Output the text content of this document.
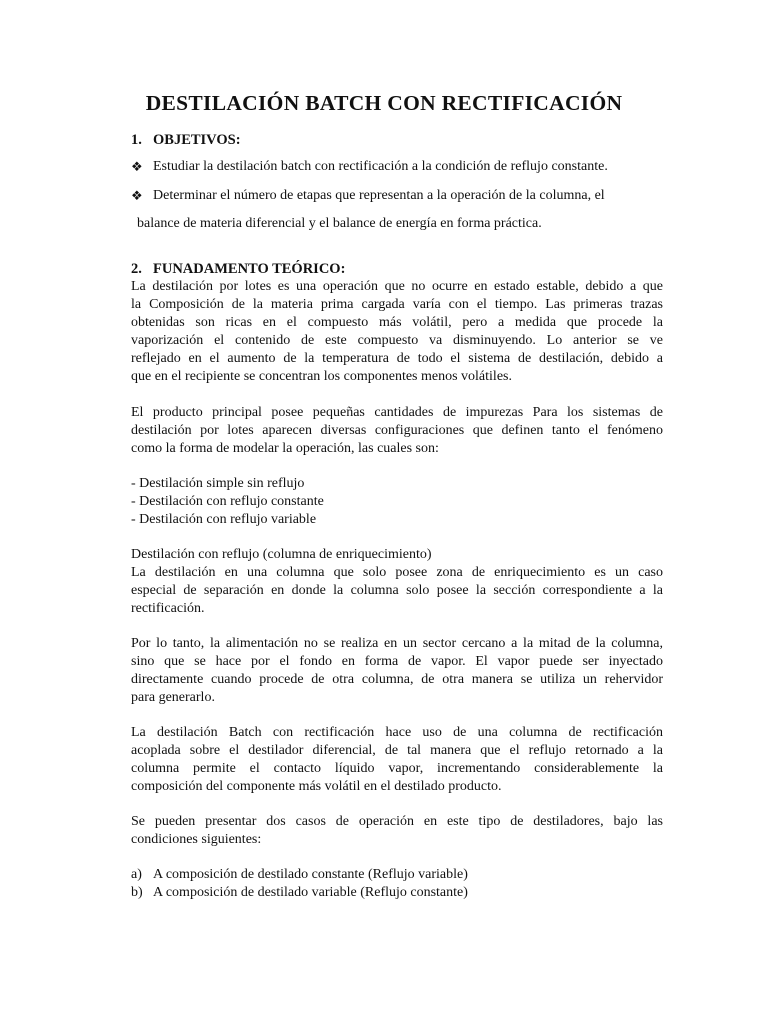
DESTILACIÓN BATCH CON RECTIFICACIÓN
1. OBJETIVOS:
❖ Estudiar la destilación batch con rectificación a la condición de reflujo constante.
❖ Determinar el número de etapas que representan a la operación de la columna, el
balance de materia diferencial y el balance de energía en forma práctica.
2. FUNADAMENTO TEÓRICO:
La destilación por lotes es una operación que no ocurre en estado estable, debido a que
la Composición de la materia prima cargada varía con el tiempo. Las primeras trazas
obtenidas son ricas en el compuesto más volátil, pero a medida que procede la
vaporización el contenido de este compuesto va disminuyendo. Lo anterior se ve
reflejado en el aumento de la temperatura de todo el sistema de destilación, debido a
que en el recipiente se concentran los componentes menos volátiles.
El producto principal posee pequeñas cantidades de impurezas Para los sistemas de
destilación por lotes aparecen diversas configuraciones que definen tanto el fenómeno
como la forma de modelar la operación, las cuales son:
- Destilación simple sin reflujo
- Destilación con reflujo constante
- Destilación con reflujo variable
Destilación con reflujo (columna de enriquecimiento)
La destilación en una columna que solo posee zona de enriquecimiento es un caso
especial de separación en donde la columna solo posee la sección correspondiente a la
rectificación.
Por lo tanto, la alimentación no se realiza en un sector cercano a la mitad de la columna,
sino que se hace por el fondo en forma de vapor. El vapor puede ser inyectado
directamente cuando procede de otra columna, de otra manera se utiliza un rehervidor
para generarlo.
La destilación Batch con rectificación hace uso de una columna de rectificación
acoplada sobre el destilador diferencial, de tal manera que el reflujo retornado a la
columna permite el contacto líquido vapor, incrementando considerablemente la
composición del componente más volátil en el destilado producto.
Se pueden presentar dos casos de operación en este tipo de destiladores, bajo las
condiciones siguientes:
a) A composición de destilado constante (Reflujo variable)
b) A composición de destilado variable (Reflujo constante)
